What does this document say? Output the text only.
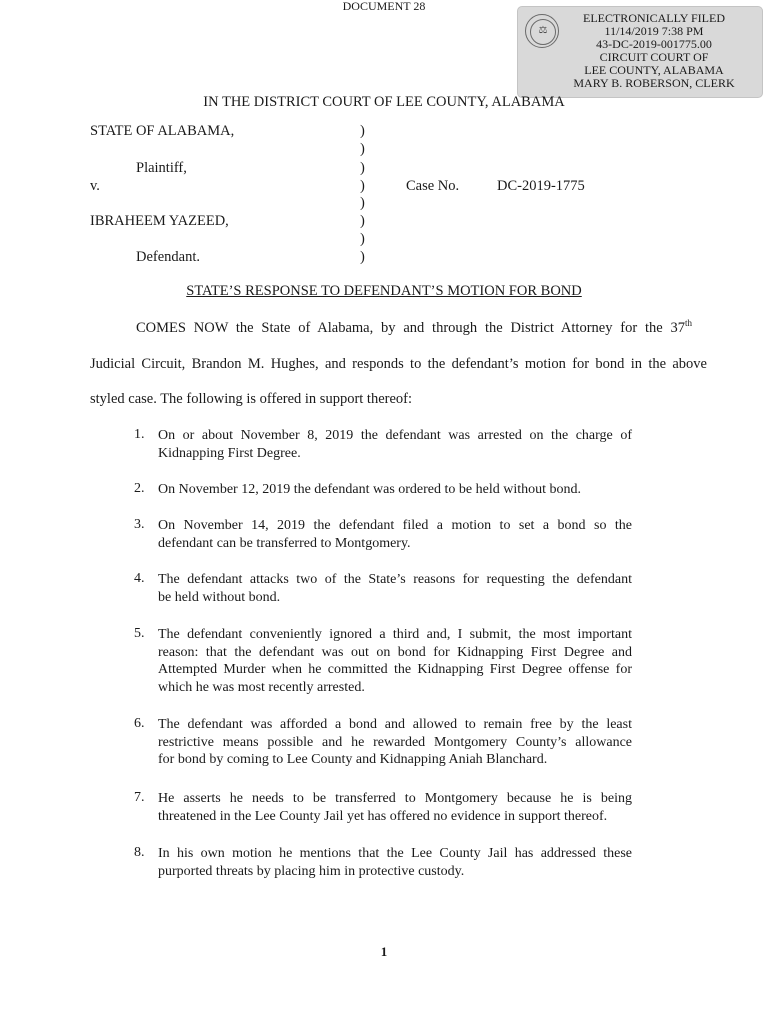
DOCUMENT 28
⚖
ELECTRONICALLY FILED
11/14/2019 7:38 PM
43-DC-2019-001775.00
CIRCUIT COURT OF
LEE COUNTY, ALABAMA
MARY B. ROBERSON, CLERK
IN THE DISTRICT COURT OF LEE COUNTY, ALABAMA
STATE OF ALABAMA,
Plaintiff,
v.	Case No.	DC-2019-1775
IBRAHEEM YAZEED,
Defendant.
)
)
)
)
)
)
)
)
STATE’S RESPONSE TO DEFENDANT’S MOTION FOR BOND
COMES NOW the State of Alabama, by and through the District Attorney for the 37th
Judicial Circuit, Brandon M. Hughes, and responds to the defendant’s motion for bond in the above
styled case. The following is offered in support thereof:
1. On or about November 8, 2019 the defendant was arrested on the charge of
Kidnapping First Degree.
2. On November 12, 2019 the defendant was ordered to be held without bond.
3. On November 14, 2019 the defendant filed a motion to set a bond so the
defendant can be transferred to Montgomery.
4. The defendant attacks two of the State’s reasons for requesting the defendant
be held without bond.
5. The defendant conveniently ignored a third and, I submit, the most important
reason: that the defendant was out on bond for Kidnapping First Degree and
Attempted Murder when he committed the Kidnapping First Degree offense for
which he was most recently arrested.
6. The defendant was afforded a bond and allowed to remain free by the least
restrictive means possible and he rewarded Montgomery County’s allowance
for bond by coming to Lee County and Kidnapping Aniah Blanchard.
7. He asserts he needs to be transferred to Montgomery because he is being
threatened in the Lee County Jail yet has offered no evidence in support thereof.
8. In his own motion he mentions that the Lee County Jail has addressed these
purported threats by placing him in protective custody.
1
